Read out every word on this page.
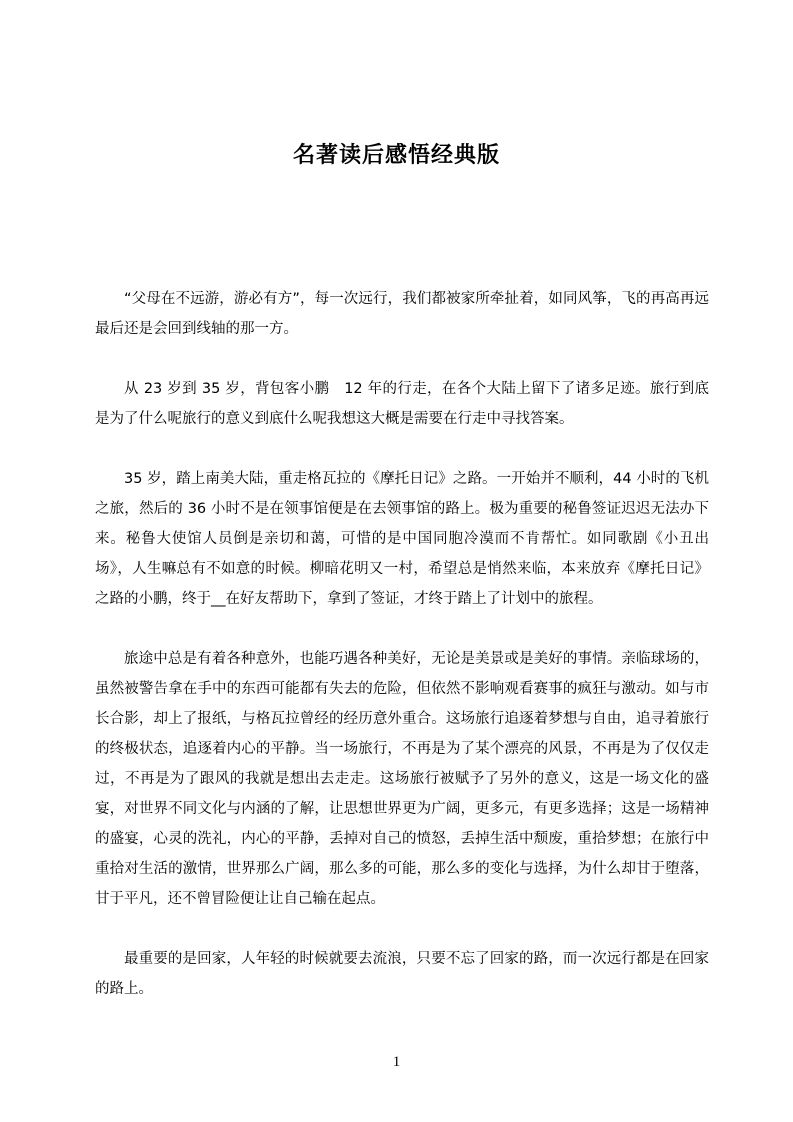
名著读后感悟经典版

“父母在不远游，游必有方”，每一次远行，我们都被家所牵扯着，如同风筝，飞的再高再远最后还是会回到线轴的那一方。

从 23 岁到 35 岁，背包客小鹏　12 年的行走，在各个大陆上留下了诸多足迹。旅行到底是为了什么呢旅行的意义到底什么呢我想这大概是需要在行走中寻找答案。

35 岁，踏上南美大陆，重走格瓦拉的《摩托日记》之路。一开始并不顺利，44 小时的飞机之旅，然后的 36 小时不是在领事馆便是在去领事馆的路上。极为重要的秘鲁签证迟迟无法办下来。秘鲁大使馆人员倒是亲切和蔼，可惜的是中国同胞冷漠而不肯帮忙。如同歌剧《小丑出场》，人生嘛总有不如意的时候。柳暗花明又一村，希望总是悄然来临，本来放弃《摩托日记》之路的小鹏，终于__在好友帮助下，拿到了签证，才终于踏上了计划中的旅程。

旅途中总是有着各种意外，也能巧遇各种美好，无论是美景或是美好的事情。亲临球场的，虽然被警告拿在手中的东西可能都有失去的危险，但依然不影响观看赛事的疯狂与激动。如与市长合影，却上了报纸，与格瓦拉曾经的经历意外重合。这场旅行追逐着梦想与自由，追寻着旅行的终极状态，追逐着内心的平静。当一场旅行，不再是为了某个漂亮的风景，不再是为了仅仅走过，不再是为了跟风的我就是想出去走走。这场旅行被赋予了另外的意义，这是一场文化的盛宴，对世界不同文化与内涵的了解，让思想世界更为广阔，更多元，有更多选择；这是一场精神的盛宴，心灵的洗礼，内心的平静，丢掉对自己的愤怒，丢掉生活中颓废，重拾梦想；在旅行中重拾对生活的激情，世界那么广阔，那么多的可能，那么多的变化与选择，为什么却甘于堕落，甘于平凡，还不曾冒险便让让自己输在起点。

最重要的是回家，人年轻的时候就要去流浪，只要不忘了回家的路，而一次远行都是在回家的路上。

1
